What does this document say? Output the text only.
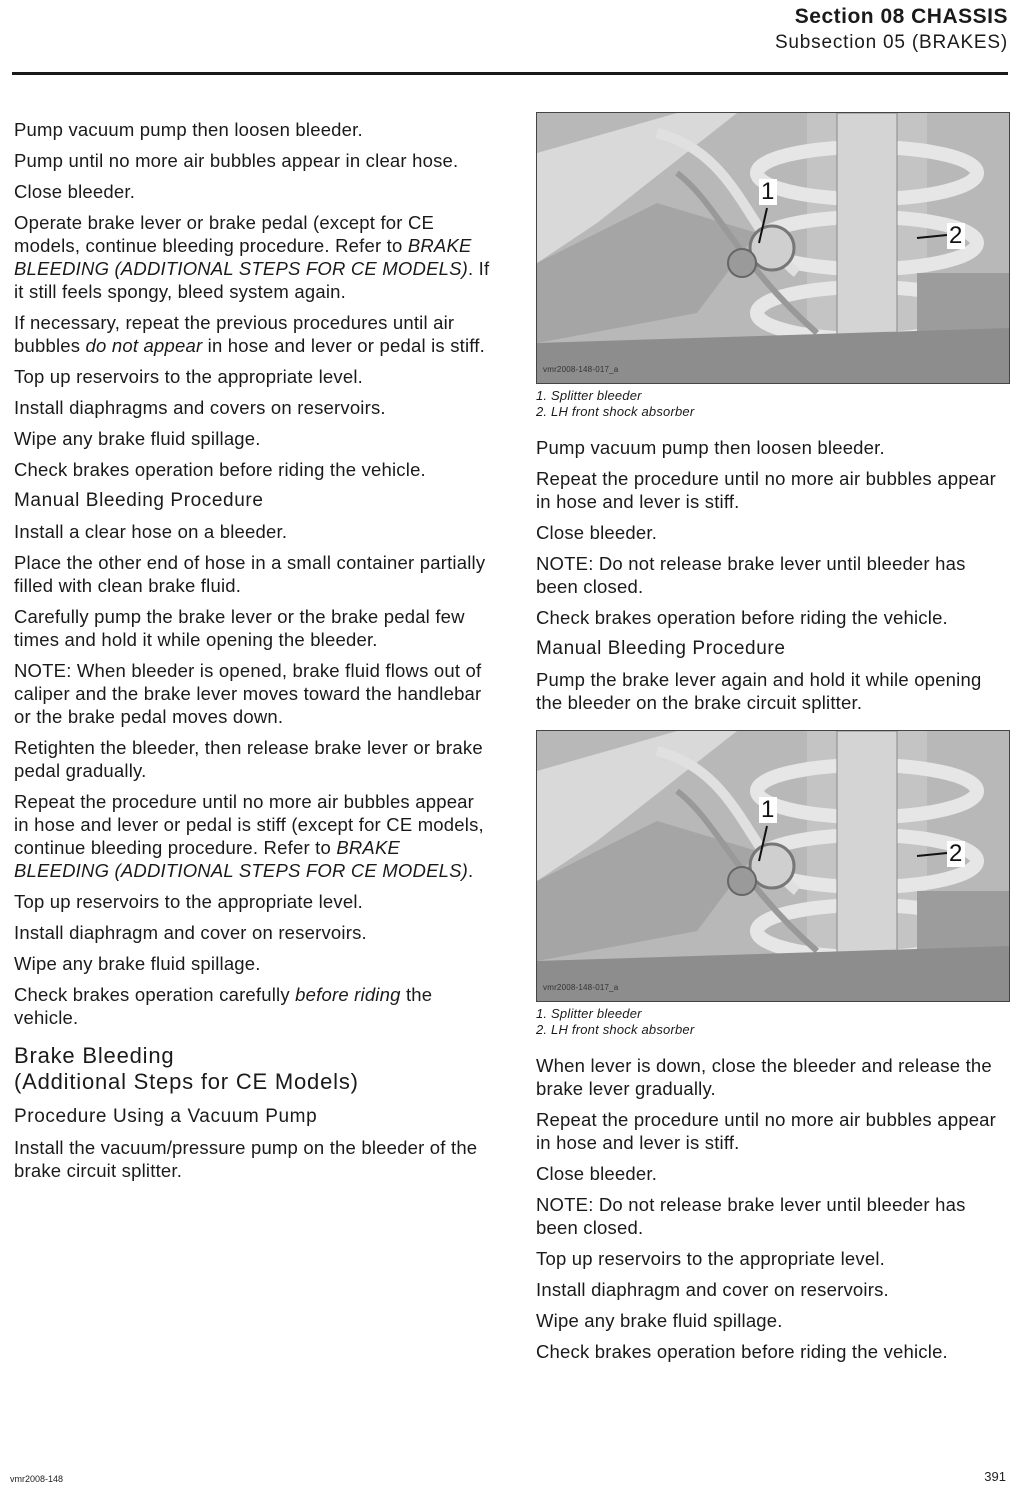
Section 08 CHASSIS
Subsection 05 (BRAKES)

Pump vacuum pump then loosen bleeder.

Pump until no more air bubbles appear in clear hose.

Close bleeder.

Operate brake lever or brake pedal (except for CE models, continue bleeding procedure. Refer to BRAKE BLEEDING (ADDITIONAL STEPS FOR CE MODELS). If it still feels spongy, bleed system again.

If necessary, repeat the previous procedures until air bubbles do not appear in hose and lever or pedal is stiff.

Top up reservoirs to the appropriate level.

Install diaphragms and covers on reservoirs.

Wipe any brake fluid spillage.

Check brakes operation before riding the vehicle.

Manual Bleeding Procedure

Install a clear hose on a bleeder.

Place the other end of hose in a small container partially filled with clean brake fluid.

Carefully pump the brake lever or the brake pedal few times and hold it while opening the bleeder.

NOTE: When bleeder is opened, brake fluid flows out of caliper and the brake lever moves toward the handlebar or the brake pedal moves down.

Retighten the bleeder, then release brake lever or brake pedal gradually.

Repeat the procedure until no more air bubbles appear in hose and lever or pedal is stiff (except for CE models, continue bleeding procedure. Refer to BRAKE BLEEDING (ADDITIONAL STEPS FOR CE MODELS).

Top up reservoirs to the appropriate level.

Install diaphragm and cover on reservoirs.

Wipe any brake fluid spillage.

Check brakes operation carefully before riding the vehicle.

Brake Bleeding
(Additional Steps for CE Models)
Procedure Using a Vacuum Pump

Install the vacuum/pressure pump on the bleeder of the brake circuit splitter.

1
2
vmr2008-148-017_a
1. Splitter bleeder
2. LH front shock absorber

Pump vacuum pump then loosen bleeder.

Repeat the procedure until no more air bubbles appear in hose and lever is stiff.

Close bleeder.

NOTE: Do not release brake lever until bleeder has been closed.

Check brakes operation before riding the vehicle.

Manual Bleeding Procedure

Pump the brake lever again and hold it while opening the bleeder on the brake circuit splitter.

1
2
vmr2008-148-017_a
1. Splitter bleeder
2. LH front shock absorber

When lever is down, close the bleeder and release the brake lever gradually.

Repeat the procedure until no more air bubbles appear in hose and lever is stiff.

Close bleeder.

NOTE: Do not release brake lever until bleeder has been closed.

Top up reservoirs to the appropriate level.

Install diaphragm and cover on reservoirs.

Wipe any brake fluid spillage.

Check brakes operation before riding the vehicle.

vmr2008-148	391
